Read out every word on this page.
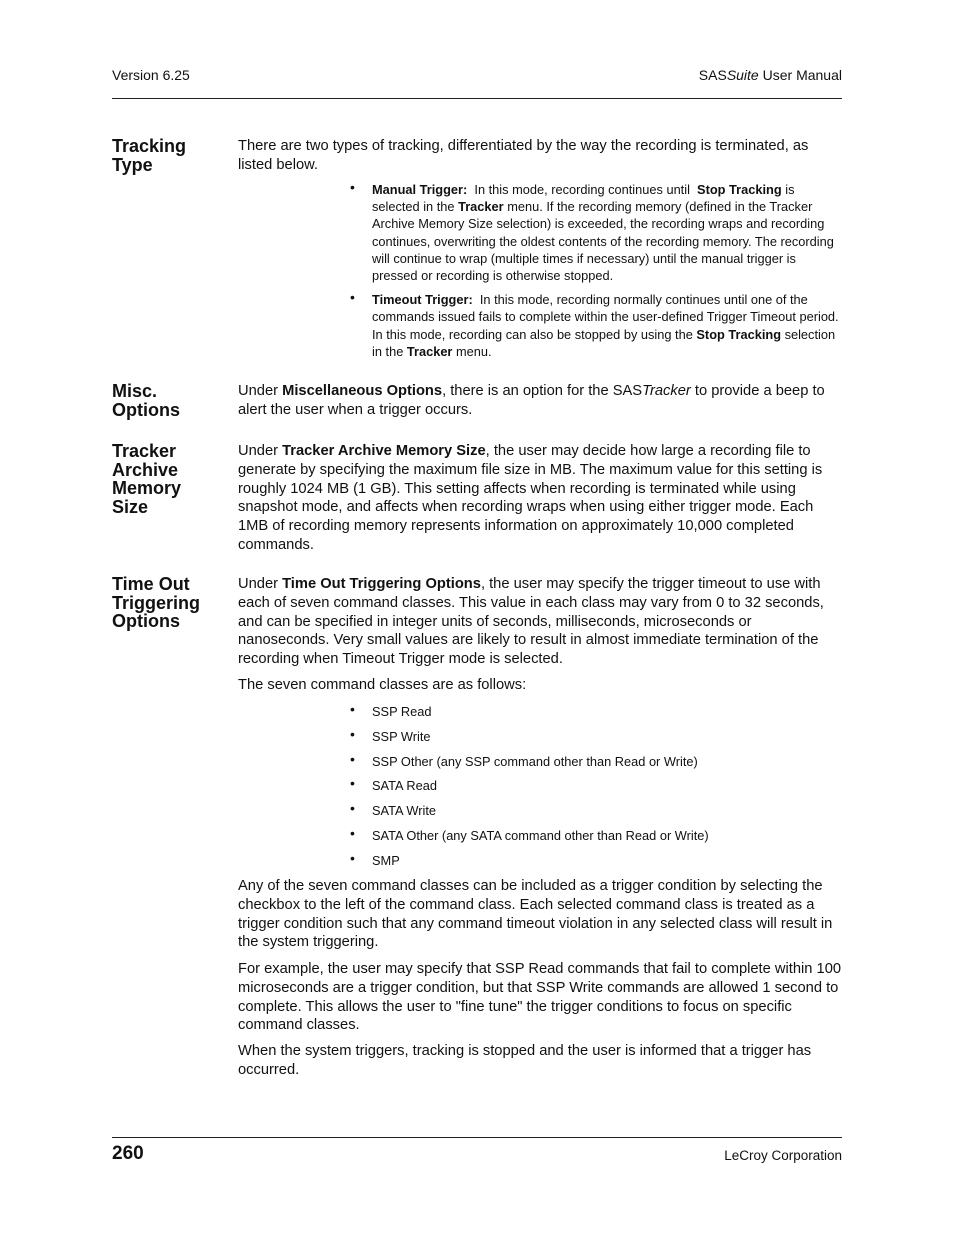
Version 6.25	SASSuite User Manual
Tracking
Type

There are two types of tracking, differentiated by the way the recording is terminated, as listed below.

• Manual Trigger:  In this mode, recording continues until  Stop Tracking is selected in the Tracker menu. If the recording memory (defined in the Tracker Archive Memory Size selection) is exceeded, the recording wraps and recording continues, overwriting the oldest contents of the recording memory. The recording will continue to wrap (multiple times if necessary) until the manual trigger is pressed or recording is otherwise stopped.
• Timeout Trigger:  In this mode, recording normally continues until one of the commands issued fails to complete within the user-defined Trigger Timeout period.  In this mode, recording can also be stopped by using the Stop Tracking selection in the Tracker menu.
Misc.
Options

Under Miscellaneous Options, there is an option for the SASTracker to provide a beep to alert the user when a trigger occurs.

Tracker
Archive
Memory
Size

Under Tracker Archive Memory Size, the user may decide how large a recording file to generate by specifying the maximum file size in MB. The maximum value for this setting is roughly 1024 MB (1 GB). This setting affects when recording is terminated while using snapshot mode, and affects when recording wraps when using either trigger mode. Each 1MB of recording memory represents information on approximately 10,000 completed commands.

Time Out
Triggering
Options

Under Time Out Triggering Options, the user may specify the trigger timeout to use with each of seven command classes. This value in each class may vary from 0 to 32 seconds, and can be specified in integer units of seconds, milliseconds, microseconds or nanoseconds. Very small values are likely to result in almost immediate termination of the recording when Timeout Trigger mode is selected.

The seven command classes are as follows:

• SSP Read
• SSP Write
• SSP Other (any SSP command other than Read or Write)
• SATA Read
• SATA Write
• SATA Other (any SATA command other than Read or Write)
• SMP

Any of the seven command classes can be included as a trigger condition by selecting the checkbox to the left of the command class. Each selected command class is treated as a trigger condition such that any command timeout violation in any selected class will result in the system triggering.

For example, the user may specify that SSP Read commands that fail to complete within 100 microseconds are a trigger condition, but that SSP Write commands are allowed 1 second to complete. This allows the user to "fine tune" the trigger conditions to focus on specific command classes.

When the system triggers, tracking is stopped and the user is informed that a trigger has occurred.

260	LeCroy Corporation
